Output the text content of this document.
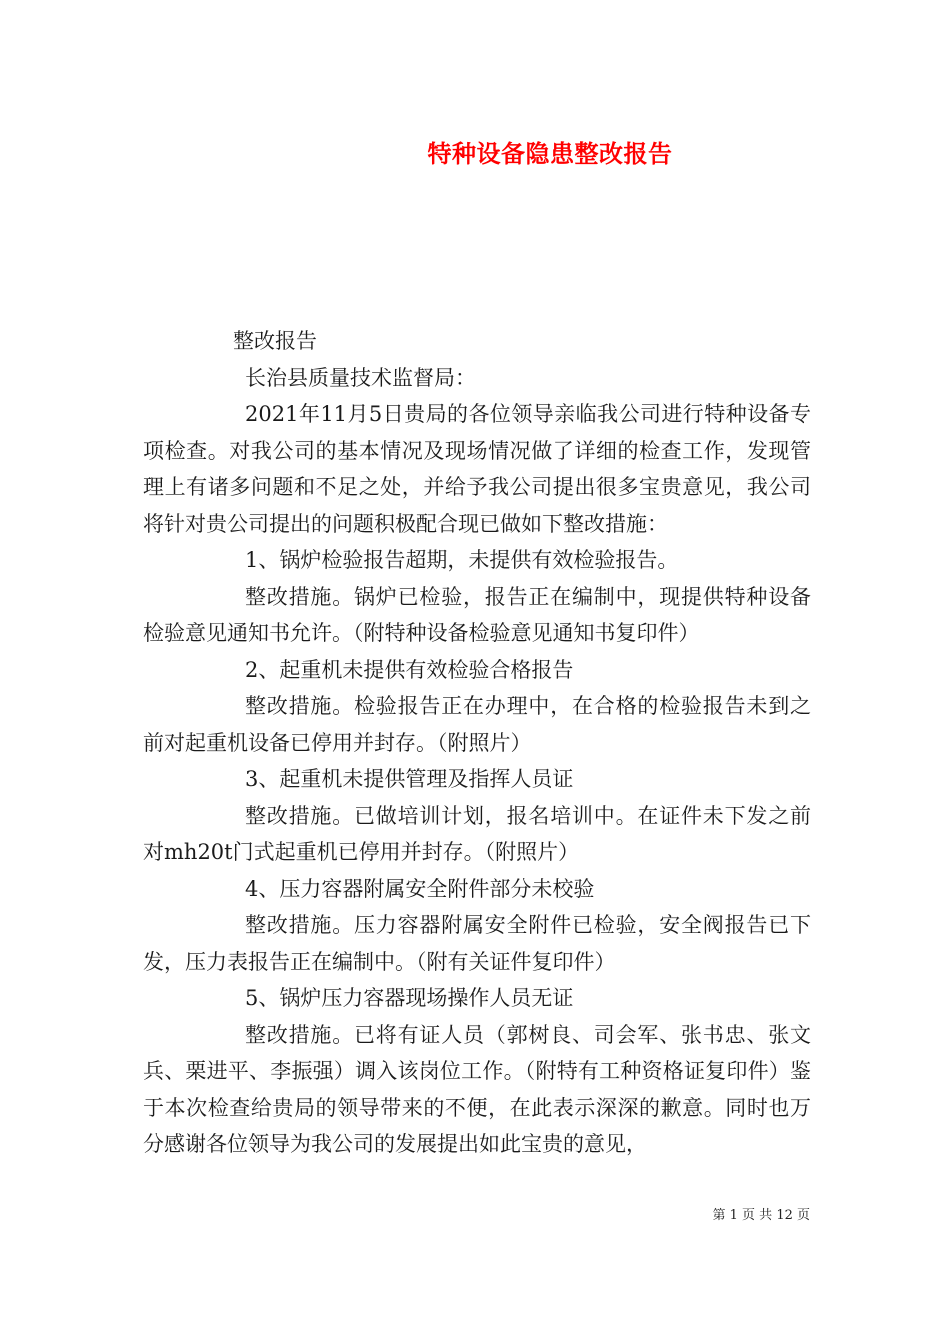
特种设备隐患整改报告

整改报告

长治县质量技术监督局：

2021年11月5日贵局的各位领导亲临我公司进行特种设备专项检查。对我公司的基本情况及现场情况做了详细的检查工作，发现管理上有诸多问题和不足之处，并给予我公司提出很多宝贵意见，我公司将针对贵公司提出的问题积极配合现已做如下整改措施：

1、锅炉检验报告超期，未提供有效检验报告。

整改措施。锅炉已检验，报告正在编制中，现提供特种设备检验意见通知书允许。（附特种设备检验意见通知书复印件）

2、起重机未提供有效检验合格报告

整改措施。检验报告正在办理中，在合格的检验报告未到之前对起重机设备已停用并封存。（附照片）

3、起重机未提供管理及指挥人员证

整改措施。已做培训计划，报名培训中。在证件未下发之前对mh20t门式起重机已停用并封存。（附照片）

4、压力容器附属安全附件部分未校验

整改措施。压力容器附属安全附件已检验，安全阀报告已下发，压力表报告正在编制中。（附有关证件复印件）

5、锅炉压力容器现场操作人员无证

整改措施。已将有证人员（郭树良、司会军、张书忠、张文兵、栗进平、李振强）调入该岗位工作。（附特有工种资格证复印件）鉴于本次检查给贵局的领导带来的不便，在此表示深深的歉意。同时也万分感谢各位领导为我公司的发展提出如此宝贵的意见，

第 1 页 共 12 页
